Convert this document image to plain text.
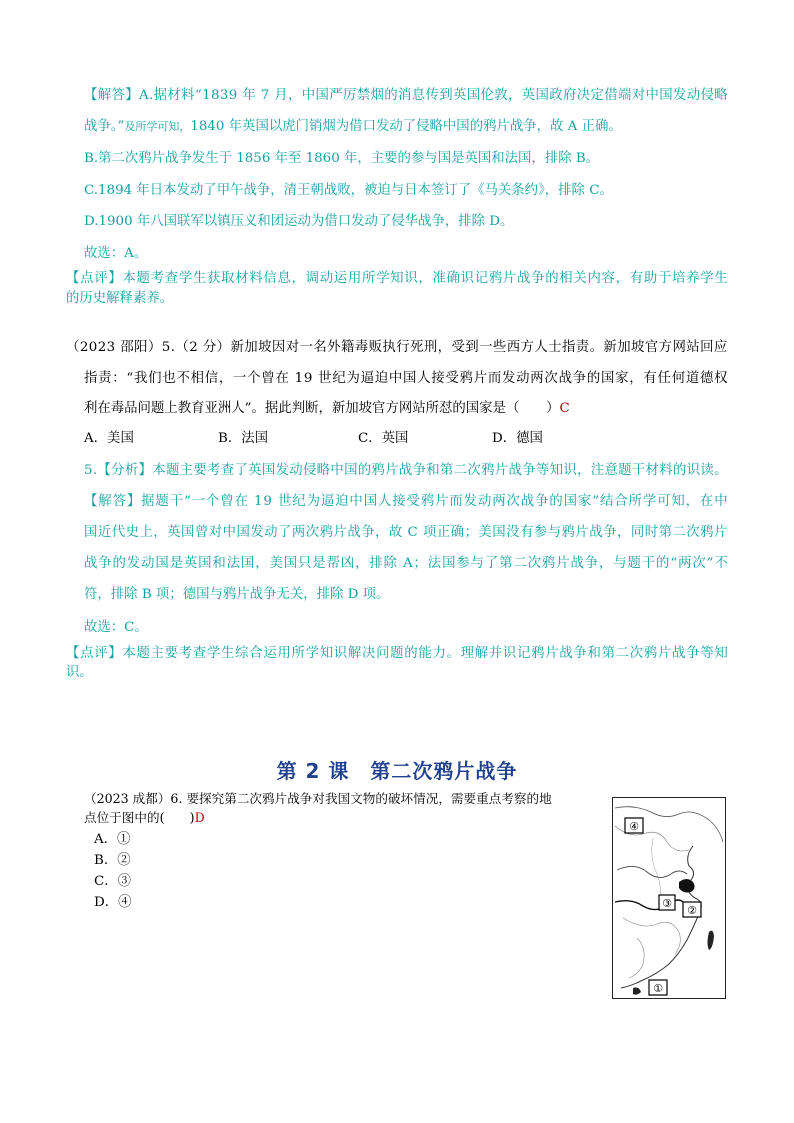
【 解 答 】 A . 据 材 料 “ 1 8 3 9
年
7
月 ， 中 国 严 厉 禁 烟 的 消 息 传 到 英 国 伦 敦 ， 英 国 政 府 决 定 借 端 对 中 国 发 动 侵 略
战争。”及所学可知，1840 年英国以虎门销烟为借口发动了侵略中国的鸦片战争，故 A 正确。
B.第二次鸦片战争发生于 1856 年至 1860 年，主要的参与国是英国和法国，排除 B。
C.1894 年日本发动了甲午战争，清王朝战败，被迫与日本签订了《马关条约》，排除 C。
D.1900 年八国联军以镇压义和团运动为借口发动了侵华战争，排除 D。
故选：A。
【 点 评 】 本 题 考 查 学 生 获 取 材 料 信 息 ， 调 动 运 用 所 学 知 识 ， 准 确 识 记 鸦 片 战 争 的 相 关 内 容 ， 有 助 于 培 养 学 生
的历史解释素养。
（ 2 0 2 3
邵 阳 ） 5 . （ 2
分 ） 新 加 坡 因 对 一 名 外 籍 毒 贩 执 行 死 刑 ， 受 到 一 些 西 方 人 士 指 责 。 新 加 坡 官 方 网 站 回 应
指 责 ： “ 我 们 也 不 相 信 ， 一 个 曾 在
1 9
世 纪 为 逼 迫 中 国 人 接 受 鸦 片 而 发 动 两 次 战 争 的 国 家 ， 有 任 何 道 德 权
利在毒品问题上教育亚洲人”。据此判断，新加坡官方网站所怼的国家是（　　）C
A．美国	B．法国	C．英国	D．德国
5 . 【 分 析 】 本 题 主 要 考 查 了 英 国 发 动 侵 略 中 国 的 鸦 片 战 争 和 第 二 次 鸦 片 战 争 等 知 识 ， 注 意 题 干 材 料 的 识 读 。
【 解 答 】 据 题 干 “ 一 个 曾 在
1 9
世 纪 为 逼 迫 中 国 人 接 受 鸦 片 而 发 动 两 次 战 争 的 国 家 ” 结 合 所 学 可 知 ， 在 中
国 近 代 史 上 ， 英 国 曾 对 中 国 发 动 了 两 次 鸦 片 战 争 ， 故
C
项 正 确 ； 美 国 没 有 参 与 鸦 片 战 争 ， 同 时 第 二 次 鸦 片
战 争 的 发 动 国 是 英 国 和 法 国 ， 美 国 只 是 帮 凶 ， 排 除
A ； 法 国 参 与 了 第 二 次 鸦 片 战 争 ， 与 题 干 的 “ 两 次 ” 不
符，排除 B 项；德国与鸦片战争无关，排除 D 项。
故选：C。
【 点 评 】 本 题 主 要 考 查 学 生 综 合 运 用 所 学 知 识 解 决 问 题 的 能 力 。 理 解 并 识 记 鸦 片 战 争 和 第 二 次 鸦 片 战 争 等 知
识。
第 2 课　第二次鸦片战争
（2023 成都）6. 要探究第二次鸦片战争对我国文物的破坏情况，需要重点考察的地
点位于图中的(　　)D
A．①
B．②
C．③
D．④
④
③
②
①
